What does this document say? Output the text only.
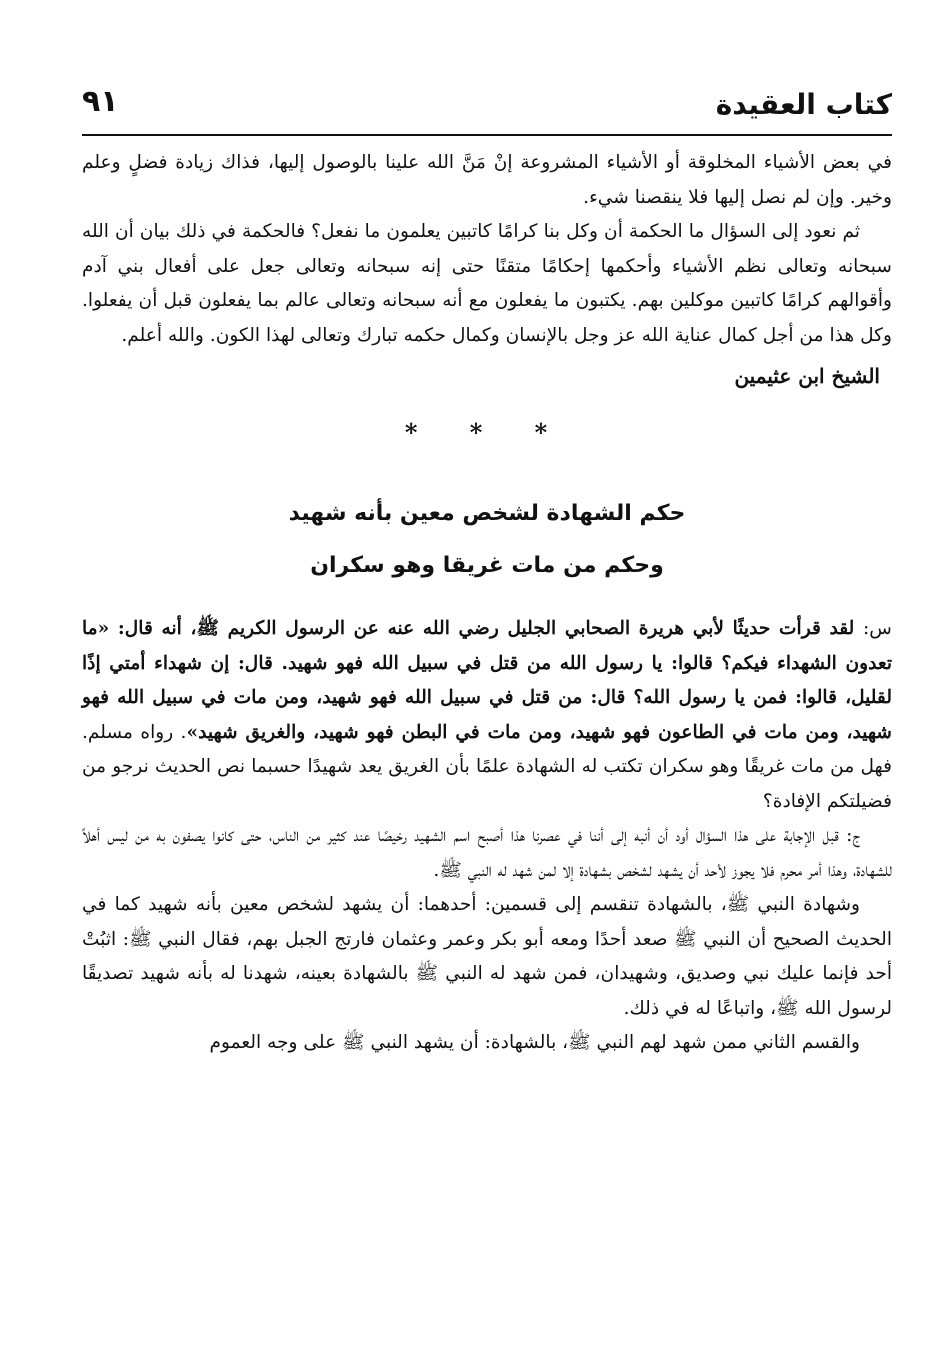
كتاب العقيدة
٩١

في بعض الأشياء المخلوقة أو الأشياء المشروعة إنْ مَنَّ الله علينا بالوصول إليها، فذاك زيادة فضلٍ وعلم وخير. وإن لم نصل إليها فلا ينقصنا شيء.

ثم نعود إلى السؤال ما الحكمة أن وكل بنا كرامًا كاتبين يعلمون ما نفعل؟ فالحكمة في ذلك بيان أن الله سبحانه وتعالى نظم الأشياء وأحكمها إحكامًا متقنًا حتى إنه سبحانه وتعالى جعل على أفعال بني آدم وأقوالهم كرامًا كاتبين موكلين بهم. يكتبون ما يفعلون مع أنه سبحانه وتعالى عالم بما يفعلون قبل أن يفعلوا. وكل هذا من أجل كمال عناية الله عز وجل بالإنسان وكمال حكمه تبارك وتعالى لهذا الكون. والله أعلم.

الشيخ ابن عثيمين

* * *

حكم الشهادة لشخص معين بأنه شهيد

وحكم من مات غريقا وهو سكران

س: لقد قرأت حديثًا لأبي هريرة الصحابي الجليل رضي الله عنه عن الرسول الكريم ﷺ، أنه قال: «ما تعدون الشهداء فيكم؟ قالوا: يا رسول الله من قتل في سبيل الله فهو شهيد. قال: إن شهداء أمتي إذًا لقليل، قالوا: فمن يا رسول الله؟ قال: من قتل في سبيل الله فهو شهيد، ومن مات في سبيل الله فهو شهيد، ومن مات في الطاعون فهو شهيد، ومن مات في البطن فهو شهيد، والغريق شهيد». رواه مسلم. فهل من مات غريقًا وهو سكران تكتب له الشهادة علمًا بأن الغريق يعد شهيدًا حسبما نص الحديث نرجو من فضيلتكم الإفادة؟

ج: قبل الإجابة على هذا السؤال أود أن أنبه إلى أننا في عصرنا هذا أصبح اسم الشهيد رخيصًا عند كثير من الناس، حتى كانوا يصفون به من ليس أهلاً للشهادة، وهذا أمر محرم فلا يجوز لأحد أن يشهد لشخص بشهادة إلا لمن شهد له النبي ﷺ.

وشهادة النبي ﷺ، بالشهادة تنقسم إلى قسمين: أحدهما: أن يشهد لشخص معين بأنه شهيد كما في الحديث الصحيح أن النبي ﷺ صعد أحدًا ومعه أبو بكر وعمر وعثمان فارتج الجبل بهم، فقال النبي ﷺ: اثبُتْ أحد فإنما عليك نبي وصديق، وشهيدان، فمن شهد له النبي ﷺ بالشهادة بعينه، شهدنا له بأنه شهيد تصديقًا لرسول الله ﷺ، واتباعًا له في ذلك.

والقسم الثاني ممن شهد لهم النبي ﷺ، بالشهادة: أن يشهد النبي ﷺ على وجه العموم
